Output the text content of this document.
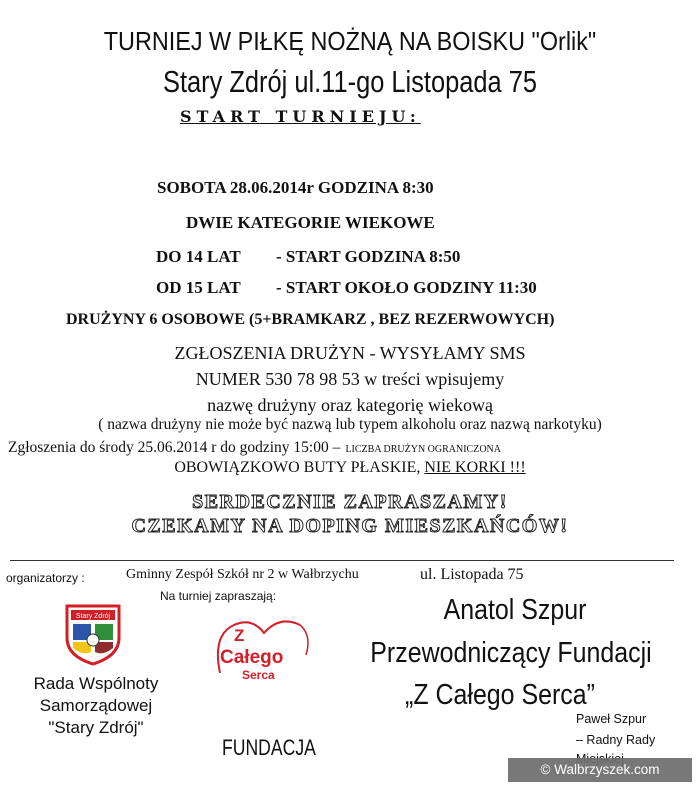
TURNIEJ W PIŁKĘ NOŻNĄ NA BOISKU "Orlik"
Stary Zdrój ul.11-go Listopada 75
START TURNIEJU:
SOBOTA 28.06.2014r GODZINA 8:30
DWIE KATEGORIE WIEKOWE
DO 14 LAT - START GODZINA 8:50
OD 15 LAT - START OKOŁO GODZINY 11:30
DRUŻYNY 6 OSOBOWE (5+BRAMKARZ , BEZ REZERWOWYCH)
ZGŁOSZENIA DRUŻYN - WYSYŁAMY SMS
NUMER 530 78 98 53 w treści wpisujemy
nazwę drużyny oraz kategorię wiekową
( nazwa drużyny nie może być nazwą lub typem alkoholu oraz nazwą narkotyku)
Zgłoszenia do środy 25.06.2014 r do godziny 15:00 – LICZBA DRUŻYN OGRANICZONA
OBOWIĄZKOWO BUTY PŁASKIE, NIE KORKI !!!
SERDECZNIE ZAPRASZAMY!
CZEKAMY NA DOPING MIESZKAŃCÓW!
organizatorzy :	Gminny Zespół Szkół nr 2 w Wałbrzychu	ul. Listopada 75
Na turniej zapraszają:
Stary Zdrój
Rada Wspólnoty
Samorządowej
"Stary Zdrój"
Z
Całego
Serca
FUNDACJA
Anatol Szpur
Przewodniczący Fundacji
„Z Całego Serca”
Paweł Szpur
– Radny Rady
© Walbrzyszek.com
